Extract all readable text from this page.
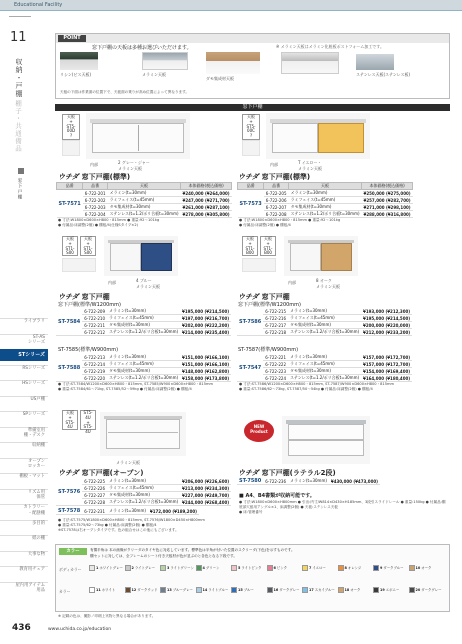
Educational Facility
11
収納・戸棚
棚子・共通備品
窓下戸棚
ライブラリ
ST-AS
シリーズ
STシリーズ
RSシリーズ
HSシリーズ
US戸棚
SPシリーズ
準備室用
棚・デスク
収納棚
オープン
ロッカー
棚板・マット
リズム用
保管
カトラリー
・配膳棚
多目的
紙の棚
大事な物
教育用チェア
屋内用アイテム
用品
POINT
窓下戸棚の天板は多種お選びいただけます。	※ メラミン天板はメラミン化粧板ポストフォーム加工です。
リシン(ビス天板)
ダモ集成材天板
メラミン天板	ステンレス天板(ステンレス板)
天板の下面は作業面の位置下で、天板面の乗りが高め位置によって異なります。
窓下戸棚
天板
+
ST5-00D
?
内部	2 グレー・ジャー
メラミン天板
天板
+
ST5-00C
?
内部	T イエロー・
メラミン天板
ウチダ 窓下戸棚(標準)	ウチダ 窓下戸棚(標準)
品番	品番	天板	本体価格(税込価格)
ST-7571	6-722-201	メラミン(t=30mm)	¥240,000 (¥264,000)
	6-722-202	ラミフェイス(t=45mm)	¥247,000 (¥271,700)
	6-722-203	タモ集成材(t=30mm)	¥261,000 (¥287,100)
	6-722-204	ステンレス(t=1.2/ポリ合板t=30mm)	¥278,000 (¥305,800)
品番	品番	天板	本体価格(税込価格)
ST-7573	6-722-205	メラミン(t=30mm)	¥250,000 (¥275,000)
	6-722-206	ラミフェイス(t=45mm)	¥257,000 (¥282,700)
	6-722-207	タモ集成材(t=30mm)	¥271,000 (¥298,100)
	6-722-208	ステンレス(t=1.2/ポリ合板t=30mm)	¥288,000 (¥316,800)
● 寸法:W1800×D600×H800・815mm ● 重量:92〜101kg
● 付属品:床調整(2個) ● 棚板/4(仕様Sタイプ×2)
● 寸法:W1800×D600×H800・815mm ● 重量:92〜101kg
● 付属品:床調整(2個) ● 棚板/4
天板
+
ST1-S00
天板
+
ST1-S00
内部	4 ブルー
メラミン天板
天板
+
ST1-B00
天板
+
ST1-B00
内部	8 オーク
メラミン天板
ウチダ 窓下戸棚
窓下戸棚(標準/W1200mm)
ウチダ 窓下戸棚
窓下戸棚(標準/W1200mm)
ST-7584	6-722-209	メラミン(t=30mm)	¥195,000 (¥214,500)
	6-722-210	ラミフェイス(t=45mm)	¥197,000 (¥216,700)
	6-722-211	タモ集成材(t=30mm)	¥202,000 (¥222,200)
	6-722-212	ステンレス(t=1.2/ポリ合板t=30mm)	¥214,000 (¥235,400)
ST-7586	6-722-215	メラミン(t=30mm)	¥193,000 (¥212,300)
	6-722-216	ラミフェイス(t=45mm)	¥195,000 (¥214,500)
	6-722-217	タモ集成材(t=30mm)	¥200,000 (¥220,000)
	6-722-218	ステンレス(t=1.2/ポリ合板t=30mm)	¥212,000 (¥233,200)
ST-7585(標準/W900mm)	ST-7587(標準/W900mm)
ST-7588	6-722-213	メラミン(t=30mm)	¥151,000 (¥166,100)
	6-722-214	ラミフェイス(t=45mm)	¥151,000 (¥166,100)
	6-722-219	タモ集成材(t=30mm)	¥148,000 (¥162,800)
	6-722-220	ステンレス(t=1.2/ポリ合板t=30mm)	¥158,000 (¥173,800)
ST-7547	6-722-221	メラミン(t=30mm)	¥157,000 (¥172,700)
	6-722-222	ラミフェイス(t=45mm)	¥157,000 (¥172,700)
	6-722-223	タモ集成材(t=30mm)	¥154,000 (¥169,400)
	6-722-224	ステンレス(t=1.2/ポリ合板t=30mm)	¥164,000 (¥180,400)
● 寸法:ST-7584/W1200×D600×H800・815mm, ST-7585/W900×D600×H800・815mm
● 重量:ST-7584/61〜71kg, ST-7585/52〜59kg ● 付属品:床調整(2個) ● 棚板/4
● 寸法:ST-7586/W1200×D600×H800・815mm, ST-7587/W900×D600×H800・815mm
● 重量:ST-7586/62〜73kg, ST-7587/50〜54kg ● 付属品:床調整(2個) ● 棚板/4
天板
+
ST5-4U
ST5-4U
+
ST5-4U
メラミン天板
NEW
Product
ウチダ 窓下戸棚(オープン)	ウチダ 窓下戸棚(ラテラル2段)
ST-7576	6-722-225	メラミン(t=30mm)	¥206,000 (¥226,600)
	6-722-226	ラミフェイス(t=45mm)	¥213,000 (¥234,300)
	6-722-227	タモ集成材(t=30mm)	¥227,000 (¥249,700)
	6-722-228	ステンレス(t=1.2/ポリ合板t=30mm)	¥244,000 (¥268,400)
ST-7578	6-722-231	メラミン(t=30mm)	¥172,000 (¥189,200)
● 寸法:ST-7575/W1800×D600×H800・815mm, ST-7576/W1800×D450×H800mm
● 重量:ST-7575/62〜73kg ● 付属品:床調整(2個) ● 棚板/4
※ST-7578は右オープンタイプです。色の組合せはこの他にもございます。
ST-7580	6-722-236	メラミン(t=30mm)	¥430,000 (¥473,000)
■ A4、B4書類が収納可能です。
● 寸法:W1800×D600×H800mm ● 引出:内寸/W814×D430×H185mm、3段引スライドレール ● 重量:150kg ● 付属品:棚底部穴留用アングル×1、床調整(2個) ● 天板:ステンレス天板
● 床:管理番号
カラー	有償半角は 本の画像がクリーダのタイヤ色に対応しています。標準色は半角が付いた位置のスクリーダ(下色)を示すものです。
棚セットに対しては、全フレームのシート付き天板材が色が並ぶのと各色となる下段です。
ボディカラー	1ホワイトグレー	2ライトグレー	3ライトグリーン	4グリーン	5ライトピンク	6ピンク	7イエロー	8オレンジ	9ダークブルー	10オーク
カラー	11ホワイト	12ダークウッド	13ブルーグレー	14ライトブルー	15ブルー	16ダークグレー	17スカイブルー	18オーク	19エボニー	20ダークグレー
※ 記載の色は、撮影ノ印刷上実物と異なる場合があります。
436	www.uchida.co.jp/education
